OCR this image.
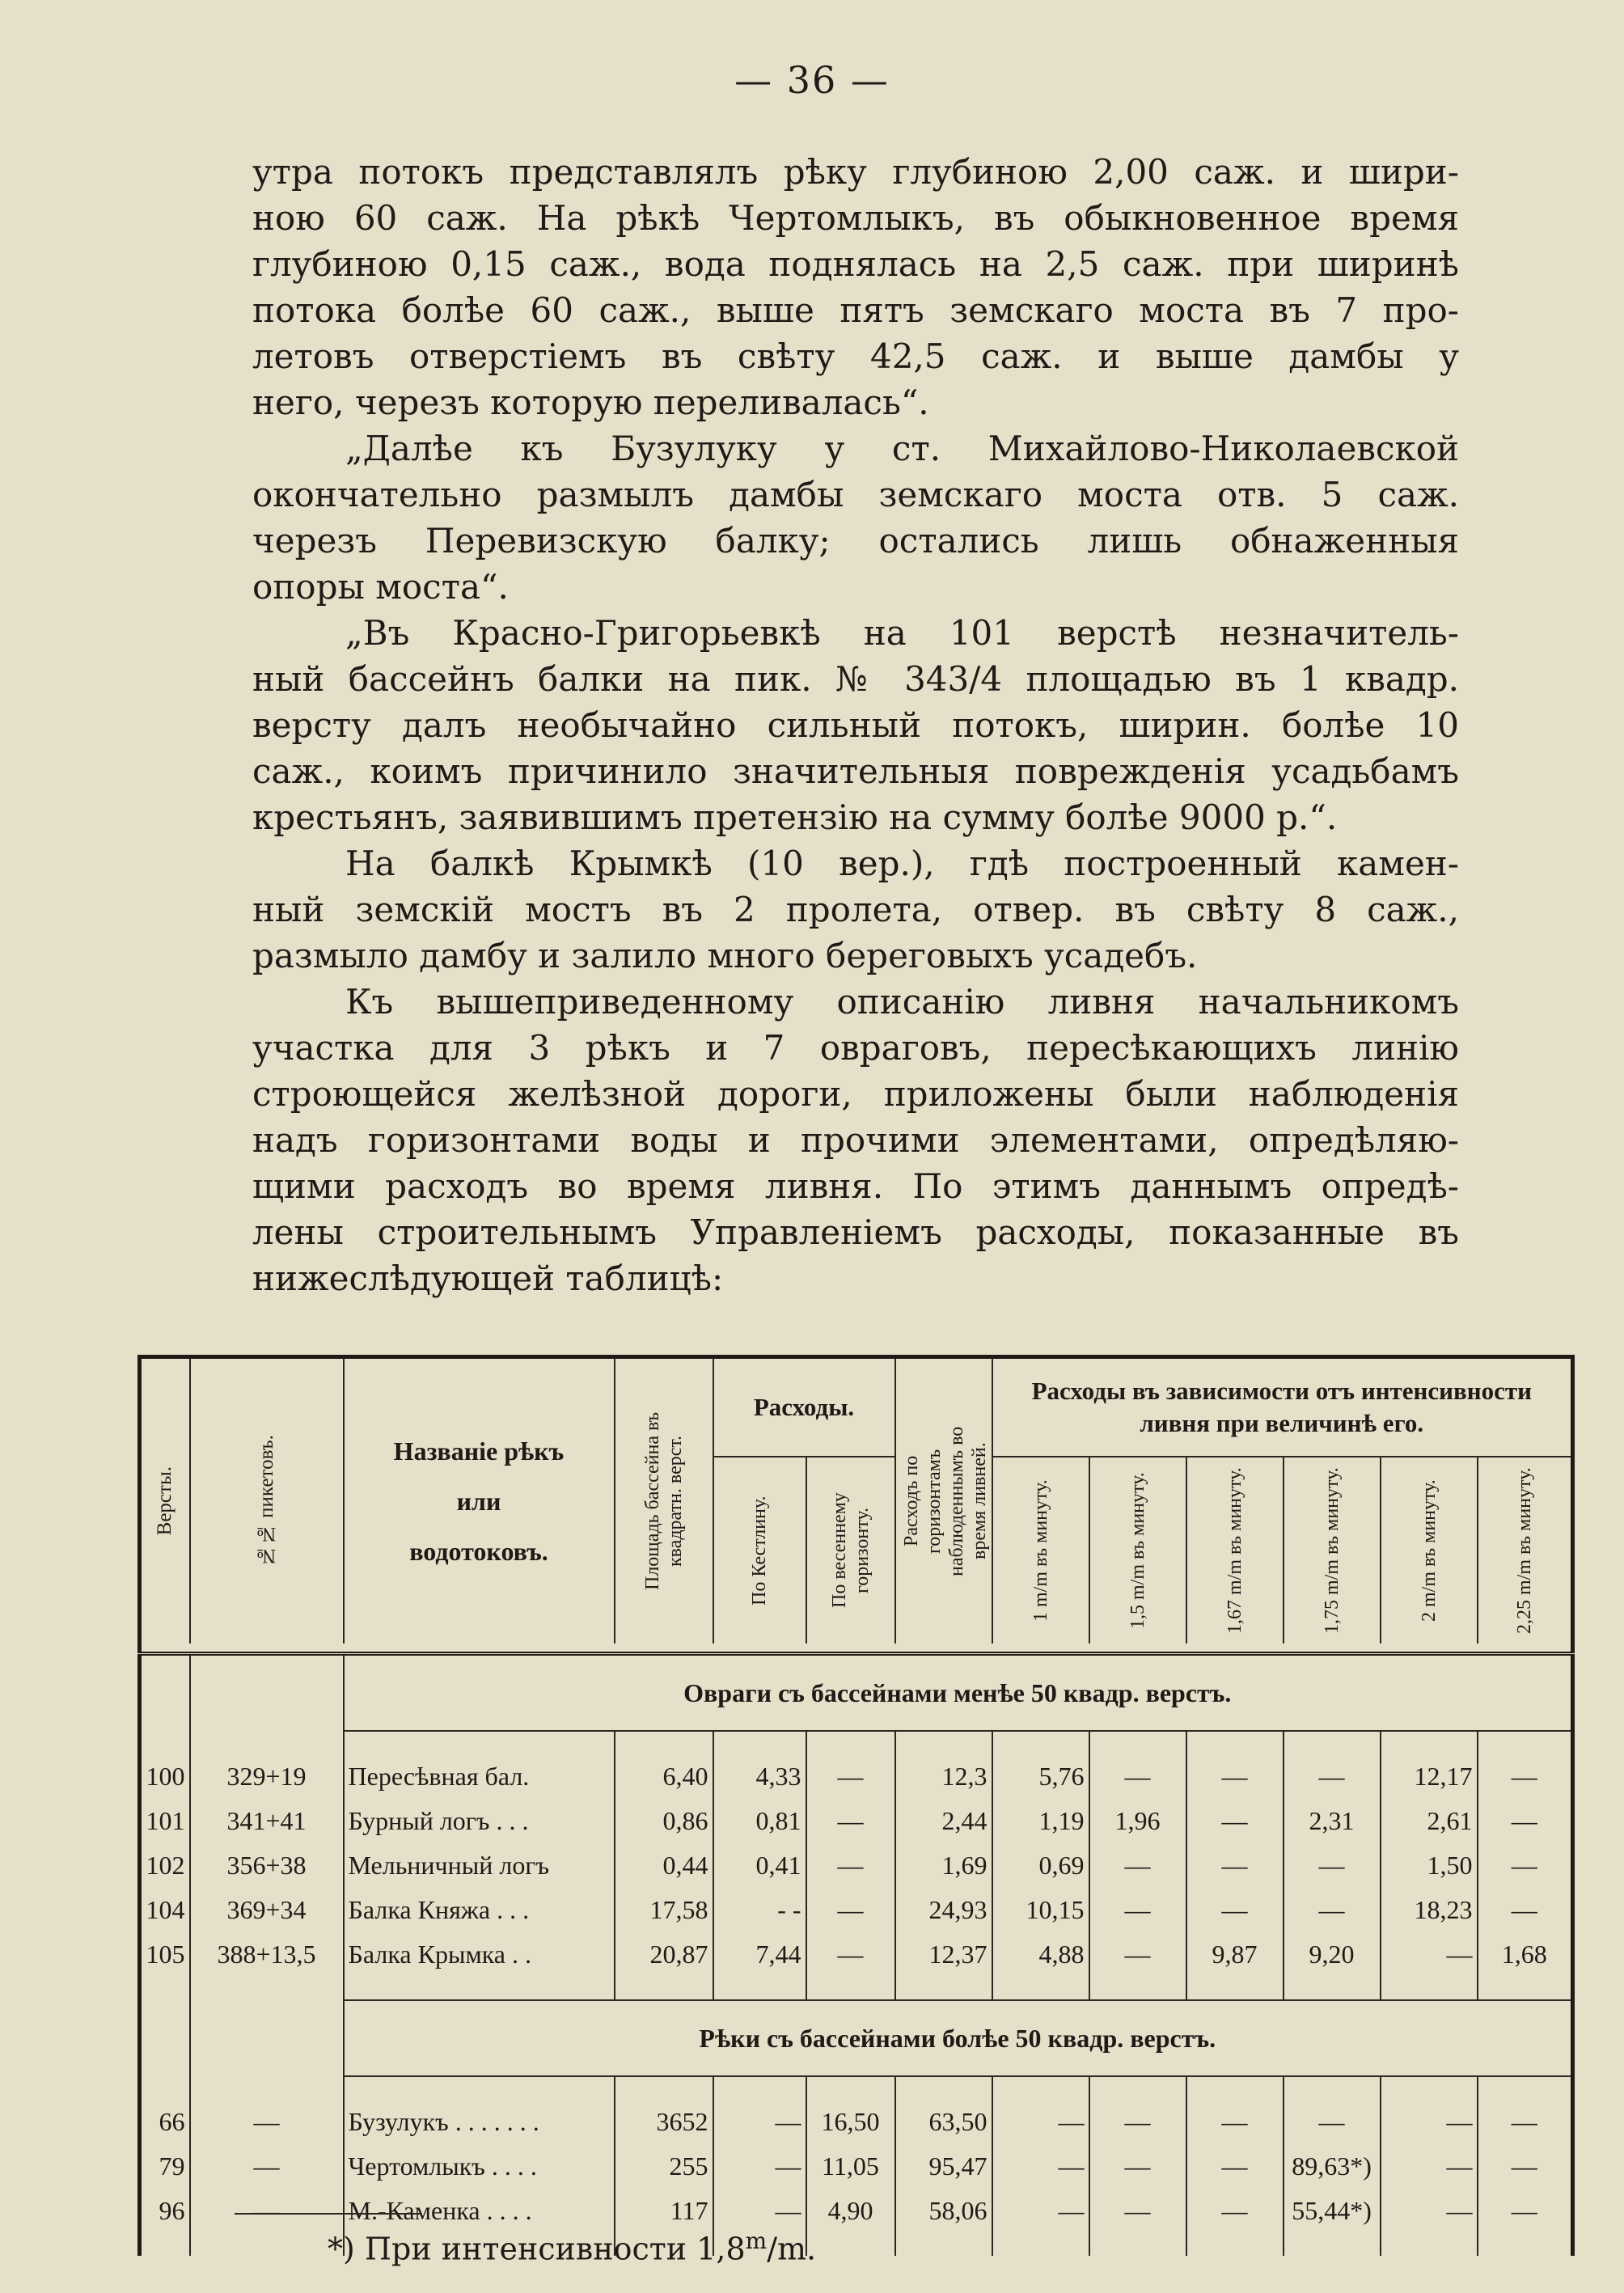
— 36 —
утра потокъ представлялъ рѣку глубиною 2,00 саж. и шири-
ною 60 саж. На рѣкѣ Чертомлыкъ, въ обыкновенное время
глубиною 0,15 саж., вода поднялась на 2,5 саж. при ширинѣ
потока болѣе 60 саж., выше пятъ земскаго моста въ 7 про-
летовъ отверстіемъ въ свѣту 42,5 саж. и выше дамбы у
него, черезъ которую переливалась“.
„Далѣе къ Бузулуку у ст. Михайлово-Николаевской
окончательно размылъ дамбы земскаго моста отв. 5 саж.
черезъ Перевизскую балку; остались лишь обнаженныя
опоры моста“.
„Въ Красно-Григорьевкѣ на 101 верстѣ незначитель-
ный бассейнъ балки на пик. № 343/4 площадью въ 1 квадр.
версту далъ необычайно сильный потокъ, ширин. болѣе 10
саж., коимъ причинило значительныя поврежденія усадьбамъ
крестьянъ, заявившимъ претензію на сумму болѣе 9000 р.“.
На балкѣ Крымкѣ (10 вер.), гдѣ построенный камен-
ный земскій мостъ въ 2 пролета, отвер. въ свѣту 8 саж.,
размыло дамбу и залило много береговыхъ усадебъ.
Къ вышеприведенному описанію ливня начальникомъ
участка для 3 рѣкъ и 7 овраговъ, пересѣкающихъ линію
строющейся желѣзной дороги, приложены были наблюденія
надъ горизонтами воды и прочими элементами, опредѣляю-
щими расходъ во время ливня. По этимъ даннымъ опредѣ-
лены строительнымъ Управленіемъ расходы, показанные въ
нижеслѣдующей таблицѣ:
Версты.	№№ пикетовъ.	Названіе рѣкъ
или
водотоковъ.	Площадь бассейна въ квадратн. верст.	Расходы.		Расходъ по горизонтамъ наблюденнымъ во время ливней.	Расходы въ зависимости отъ интенсивности ливня при величинѣ его.					

				По Кестлину.	По весеннему горизонту.		1 m/m въ минуту.	1,5 m/m въ минуту.	1,67 m/m въ минуту.	1,75 m/m въ минуту.	2 m/m въ минуту.	2,25 m/m въ минуту.

		Овраги съ бассейнами менѣе 50 квадр. верстъ.										

100	329+19	Пересѣвная бал.	6,40	4,33	—	12,3	5,76	—	—	—	12,17	—
101	341+41	Бурный логъ . . .	0,86	0,81	—	2,44	1,19	1,96	—	2,31	2,61	—
102	356+38	Мельничный логъ	0,44	0,41	—	1,69	0,69	—	—	—	1,50	—
104	369+34	Балка Княжа . . .	17,58	- -	—	24,93	10,15	—	—	—	18,23	—
105	388+13,5	Балка Крымка . .	20,87	7,44	—	12,37	4,88	—	9,87	9,20	—	1,68

		Рѣки съ бассейнами болѣе 50 квадр. верстъ.										

66	—	Бузулукъ . . . . . . .	3652	—	16,50	63,50	—	—	—	—	—	—
79	—	Чертомлыкъ . . . .	255	—	11,05	95,47	—	—	—	89,63*)	—	—
96	—	М.-Каменка . . . .	117	—	4,90	58,06	—	—	—	55,44*)	—	—

*) При интенсивности 1,8$^m$/m.
